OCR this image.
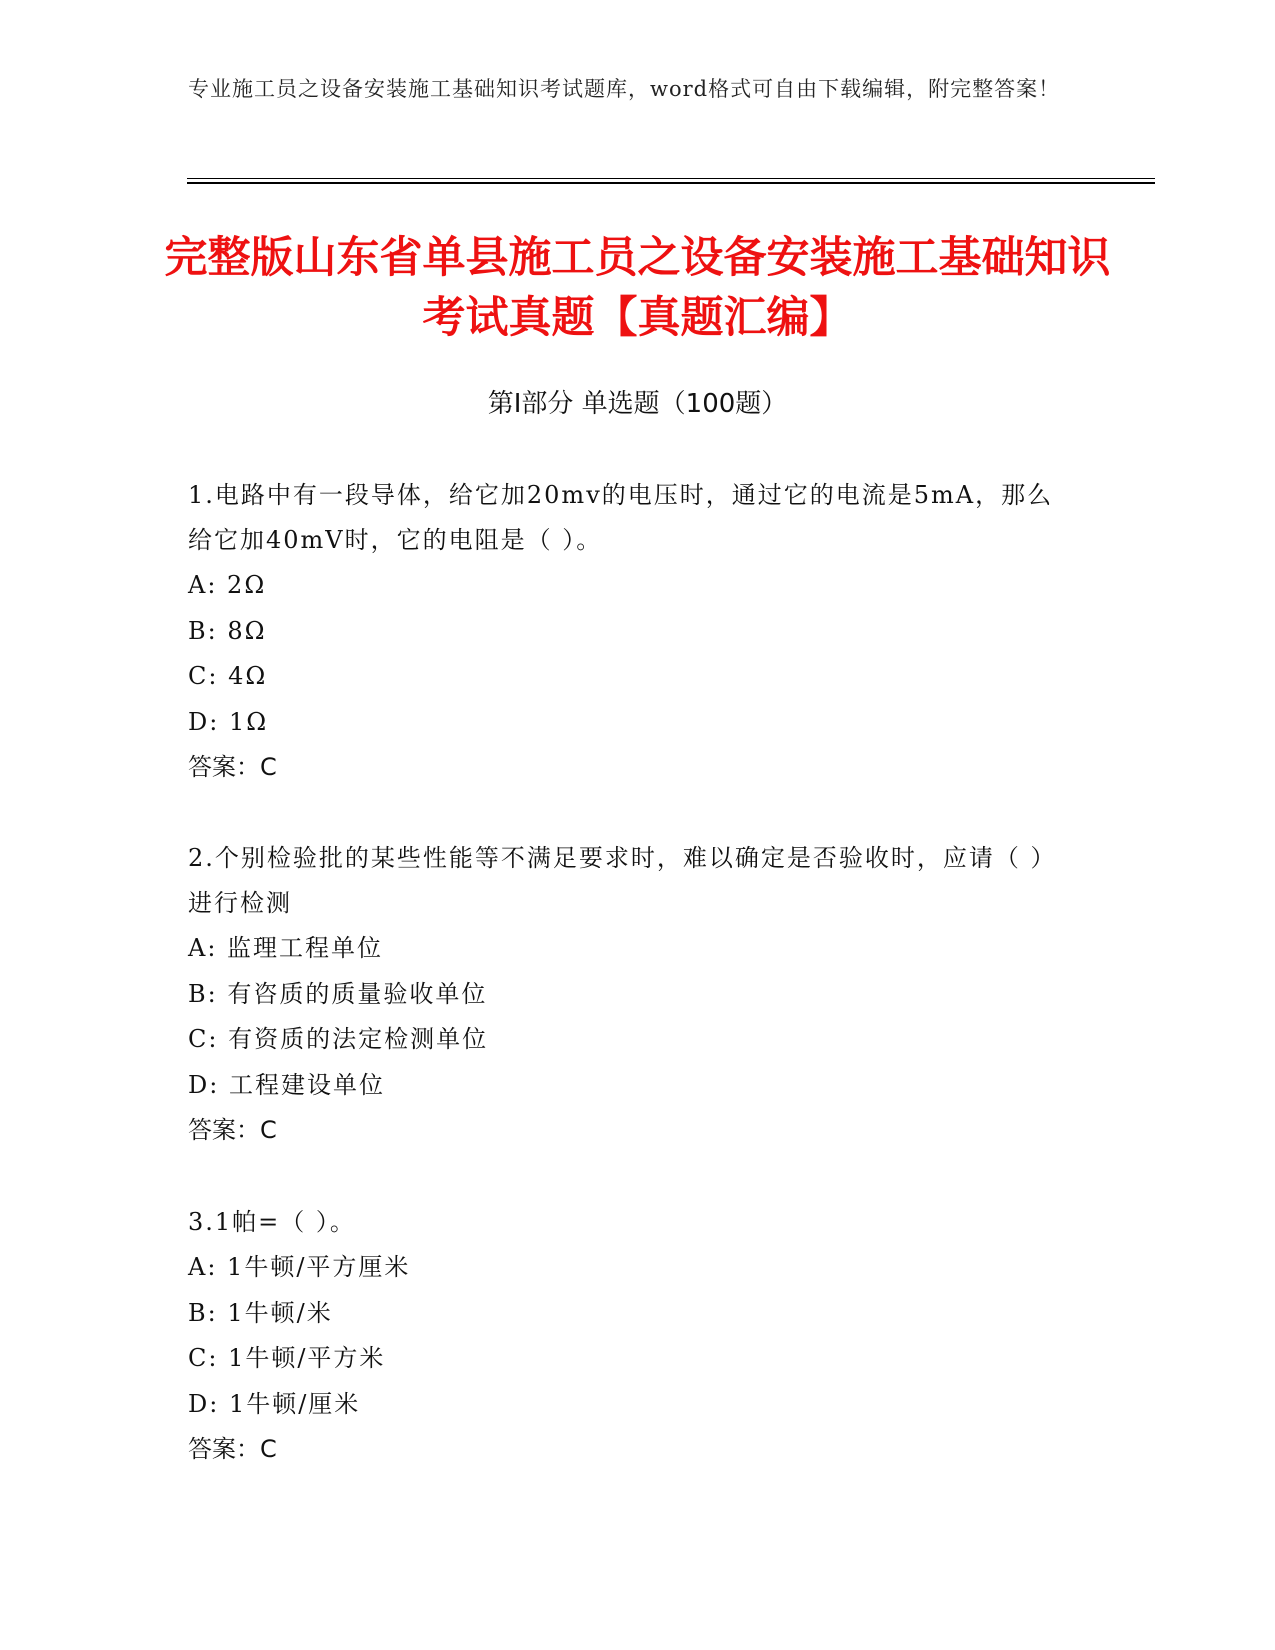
专业施工员之设备安装施工基础知识考试题库，word格式可自由下载编辑，附完整答案！
完整版山东省单县施工员之设备安装施工基础知识考试真题【真题汇编】
第I部分 单选题（100题）
1.电路中有一段导体，给它加20mv的电压时，通过它的电流是5mA，那么给它加40mV时，它的电阻是（ ）。
A: 2Ω
B: 8Ω
C: 4Ω
D: 1Ω
答案：C
2.个别检验批的某些性能等不满足要求时，难以确定是否验收时，应请（ ）进行检测
A: 监理工程单位
B: 有咨质的质量验收单位
C: 有资质的法定检测单位
D: 工程建设单位
答案：C
3.1帕=（ ）。
A: 1牛顿/平方厘米
B: 1牛顿/米
C: 1牛顿/平方米
D: 1牛顿/厘米
答案：C
